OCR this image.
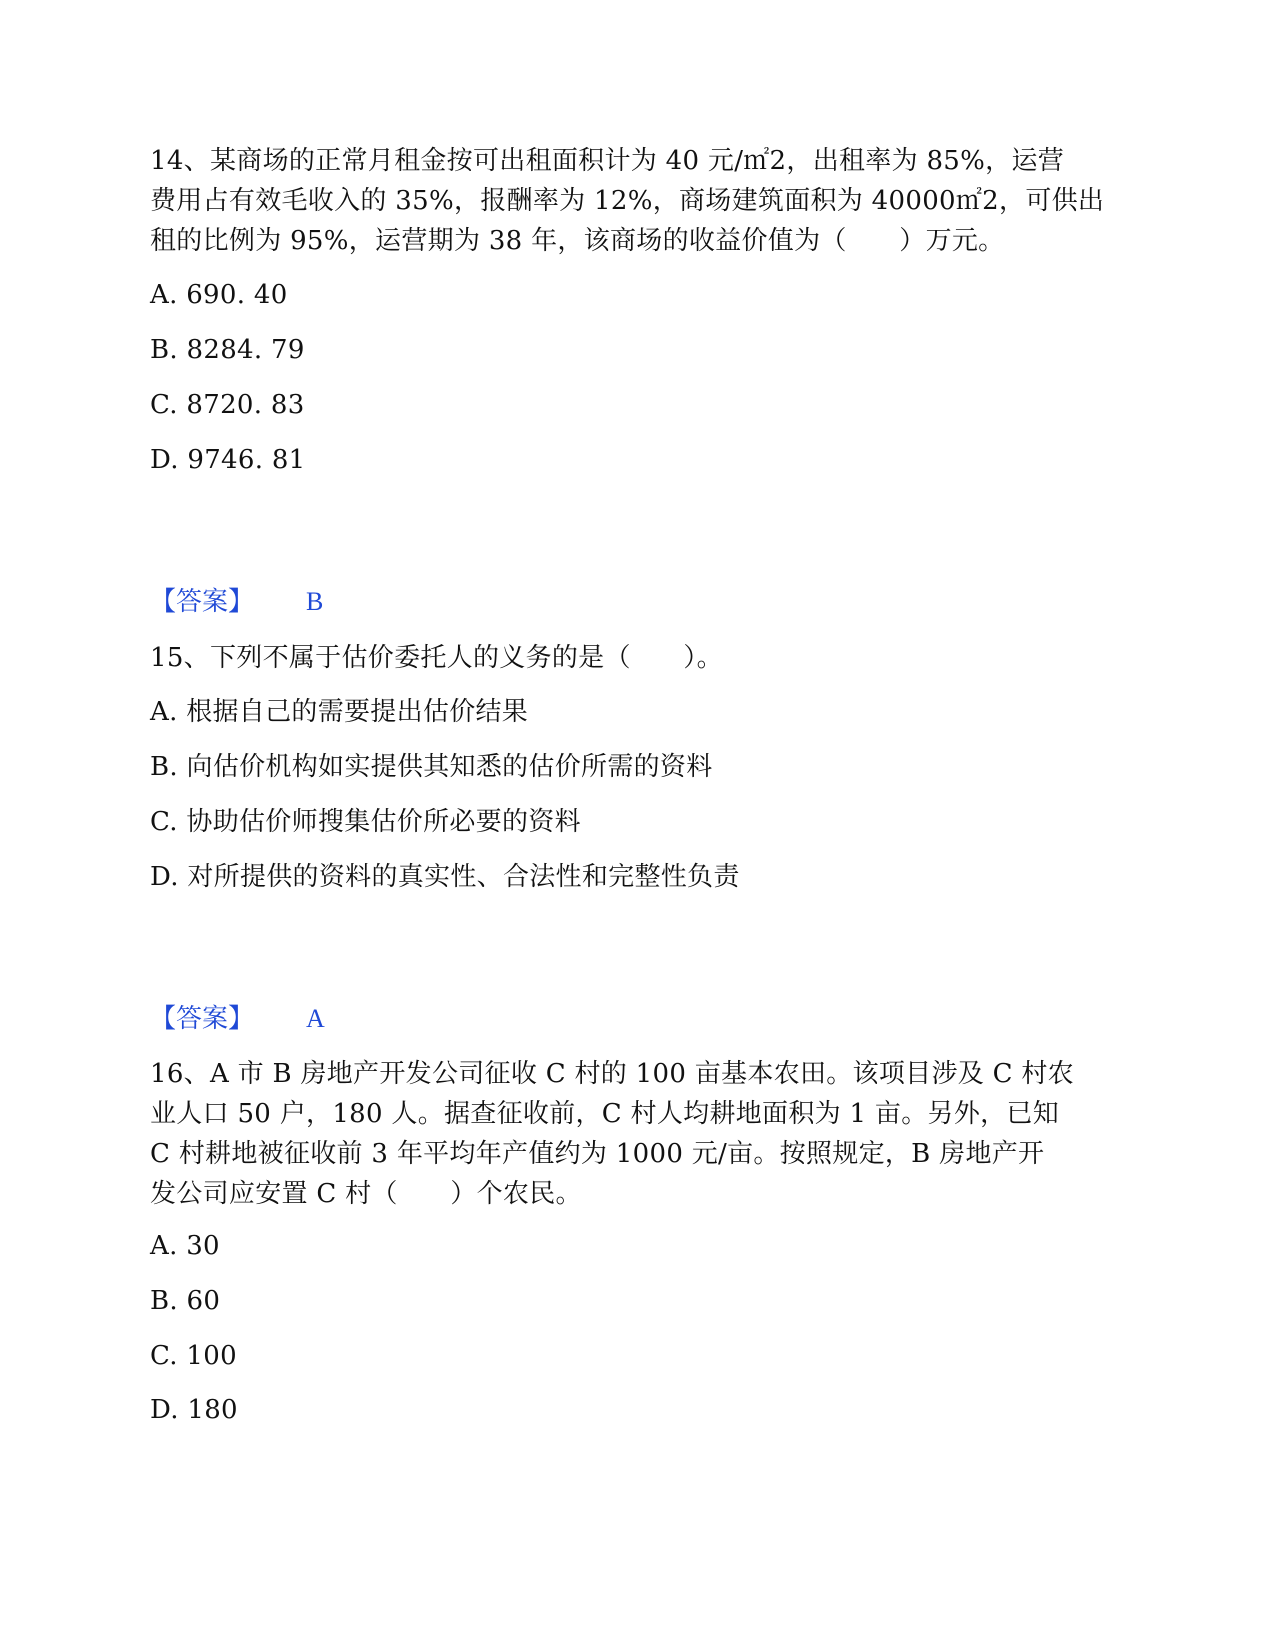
14、某商场的正常月租金按可出租面积计为 40 元/㎡2，出租率为 85%，运营
费用占有效毛收入的 35%，报酬率为 12%，商场建筑面积为 40000㎡2，可供出
租的比例为 95%，运营期为 38 年，该商场的收益价值为（　　）万元。
A. 690. 40
B. 8284. 79
C. 8720. 83
D. 9746. 81
【答案】 B
15、下列不属于估价委托人的义务的是（　　）。
A. 根据自己的需要提出估价结果
B. 向估价机构如实提供其知悉的估价所需的资料
C. 协助估价师搜集估价所必要的资料
D. 对所提供的资料的真实性、合法性和完整性负责
【答案】 A
16、A 市 B 房地产开发公司征收 C 村的 100 亩基本农田。该项目涉及 C 村农
业人口 50 户，180 人。据查征收前，C 村人均耕地面积为 1 亩。另外，已知
C 村耕地被征收前 3 年平均年产值约为 1000 元/亩。按照规定，B 房地产开
发公司应安置 C 村（　　）个农民。
A. 30
B. 60
C. 100
D. 180
